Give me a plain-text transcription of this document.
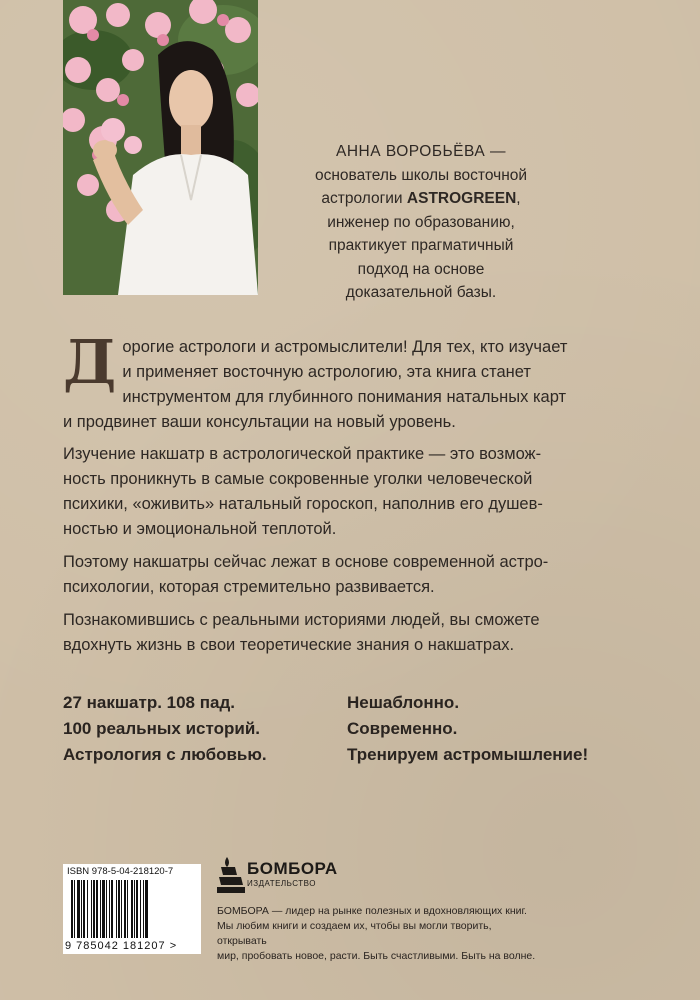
АННА ВОРОБЬЁВА —
основатель школы восточной
астрологии ASTROGREEN,
инженер по образованию,
практикует прагматичный
подход на основе
доказательной базы.
Д орогие астрологи и астромыслители! Для тех, кто изучает
и применяет восточную астрологию, эта книга станет
инструментом для глубинного понимания натальных карт
и продвинет ваши консультации на новый уровень.
Изучение накшатр в астрологической практике — это возмож-
ность проникнуть в самые сокровенные уголки человеческой
психики, «оживить» натальный гороскоп, наполнив его душев-
ностью и эмоциональной теплотой.
Поэтому накшатры сейчас лежат в основе современной астро-
психологии, которая стремительно развивается.
Познакомившись с реальными историями людей, вы сможете
вдохнуть жизнь в свои теоретические знания о накшатрах.
27 накшатр. 108 пад.
100 реальных историй.
Астрология с любовью.
Нешаблонно.
Современно.
Тренируем астромышление!
ISBN 978-5-04-218120-7
9 785042 181207 >
БОМБОРА
ИЗДАТЕЛЬСТВО
БОМБОРА — лидер на рынке полезных и вдохновляющих книг.
Мы любим книги и создаем их, чтобы вы могли творить, открывать
мир, пробовать новое, расти. Быть счастливыми. Быть на волне.
